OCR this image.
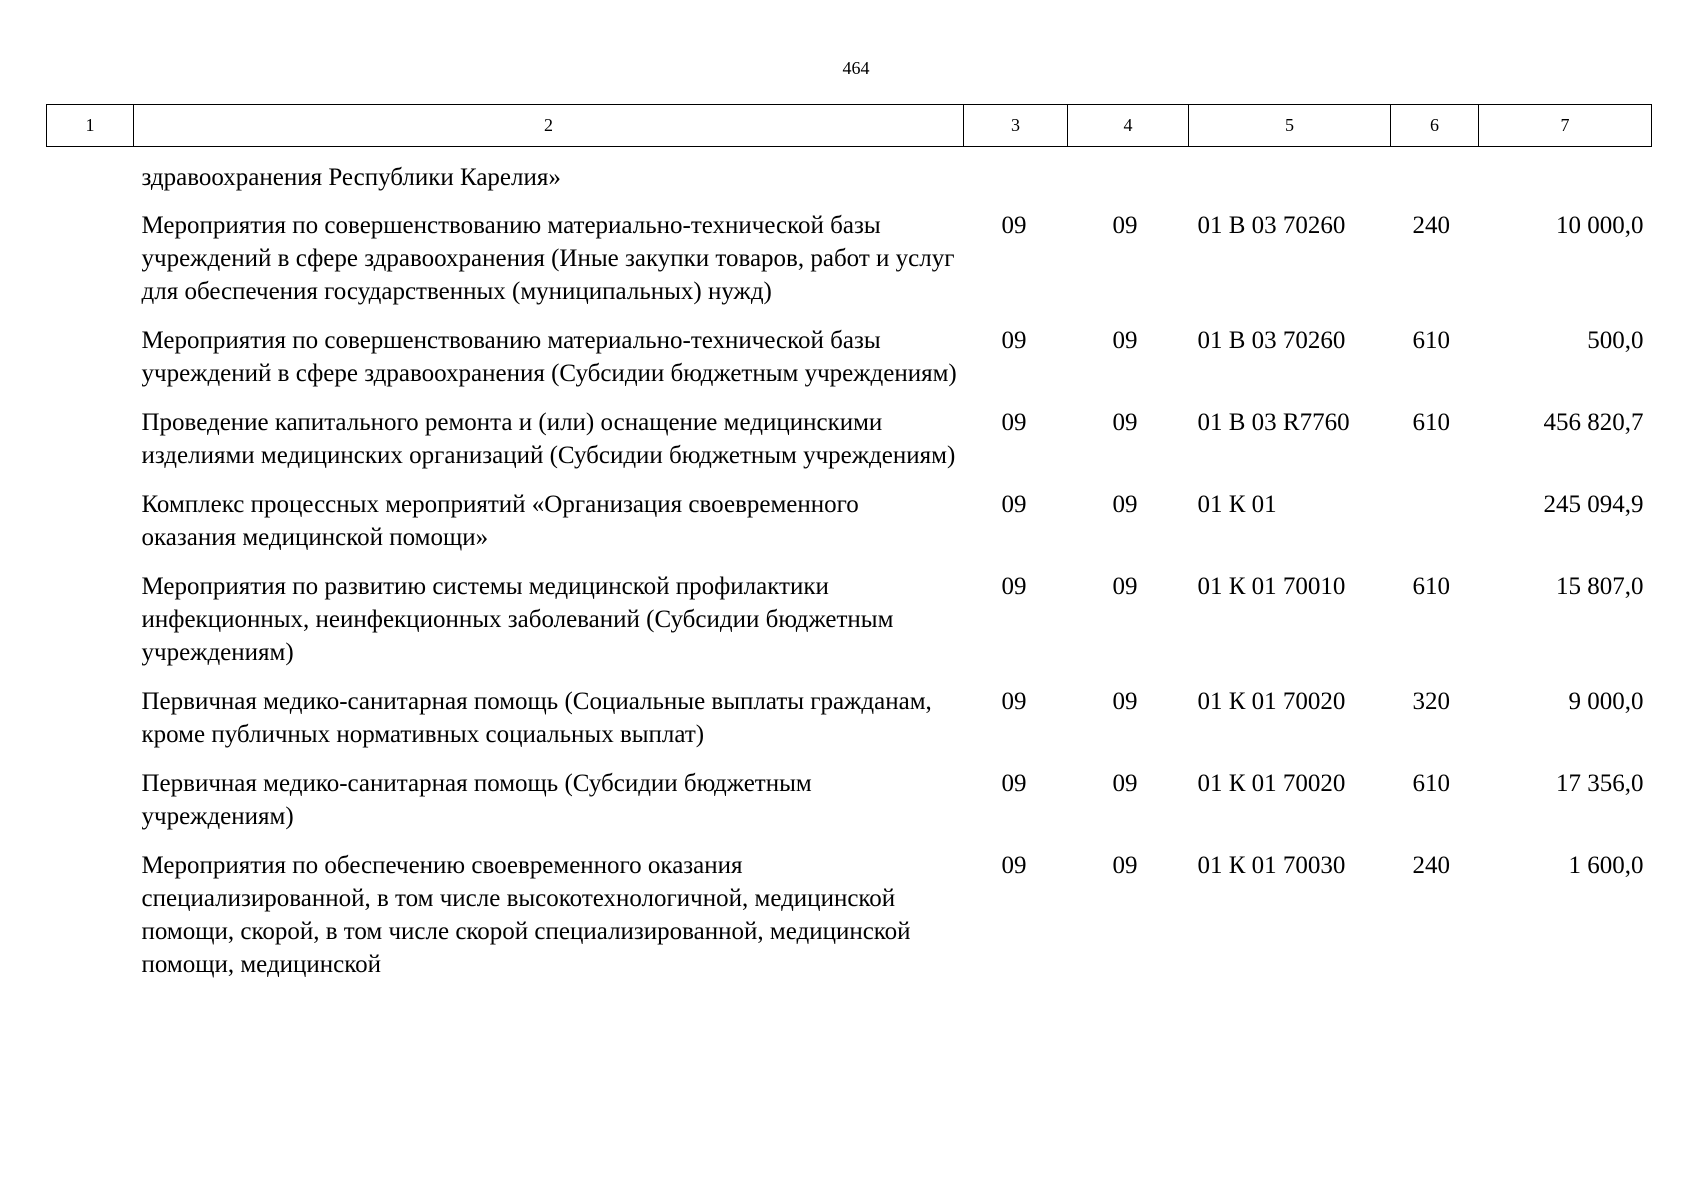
464
1	2	3	4	5	6	7
	здравоохранения Республики Карелия»					
	Мероприятия по совершенствованию материально-технической базы учреждений в сфере здравоохранения (Иные закупки товаров, работ и услуг для обеспечения государственных (муниципальных) нужд)	09	09	01 В 03 70260	240	10 000,0
	Мероприятия по совершенствованию материально-технической базы учреждений в сфере здравоохранения (Субсидии бюджетным учреждениям)	09	09	01 В 03 70260	610	500,0
	Проведение капитального ремонта и (или) оснащение медицинскими изделиями медицинских организаций (Субсидии бюджетным учреждениям)	09	09	01 В 03 R7760	610	456 820,7
	Комплекс процессных мероприятий «Организация своевременного оказания медицинской помощи»	09	09	01 К 01		245 094,9
	Мероприятия по развитию системы медицинской профилактики инфекционных, неинфекционных заболеваний (Субсидии бюджетным учреждениям)	09	09	01 К 01 70010	610	15 807,0
	Первичная медико-санитарная помощь (Социальные выплаты гражданам, кроме публичных нормативных социальных выплат)	09	09	01 К 01 70020	320	9 000,0
	Первичная медико-санитарная помощь (Субсидии бюджетным учреждениям)	09	09	01 К 01 70020	610	17 356,0
	Мероприятия по обеспечению своевременного оказания специализированной, в том числе высокотехнологичной, медицинской помощи, скорой, в том числе скорой специализированной, медицинской помощи, медицинской	09	09	01 К 01 70030	240	1 600,0
